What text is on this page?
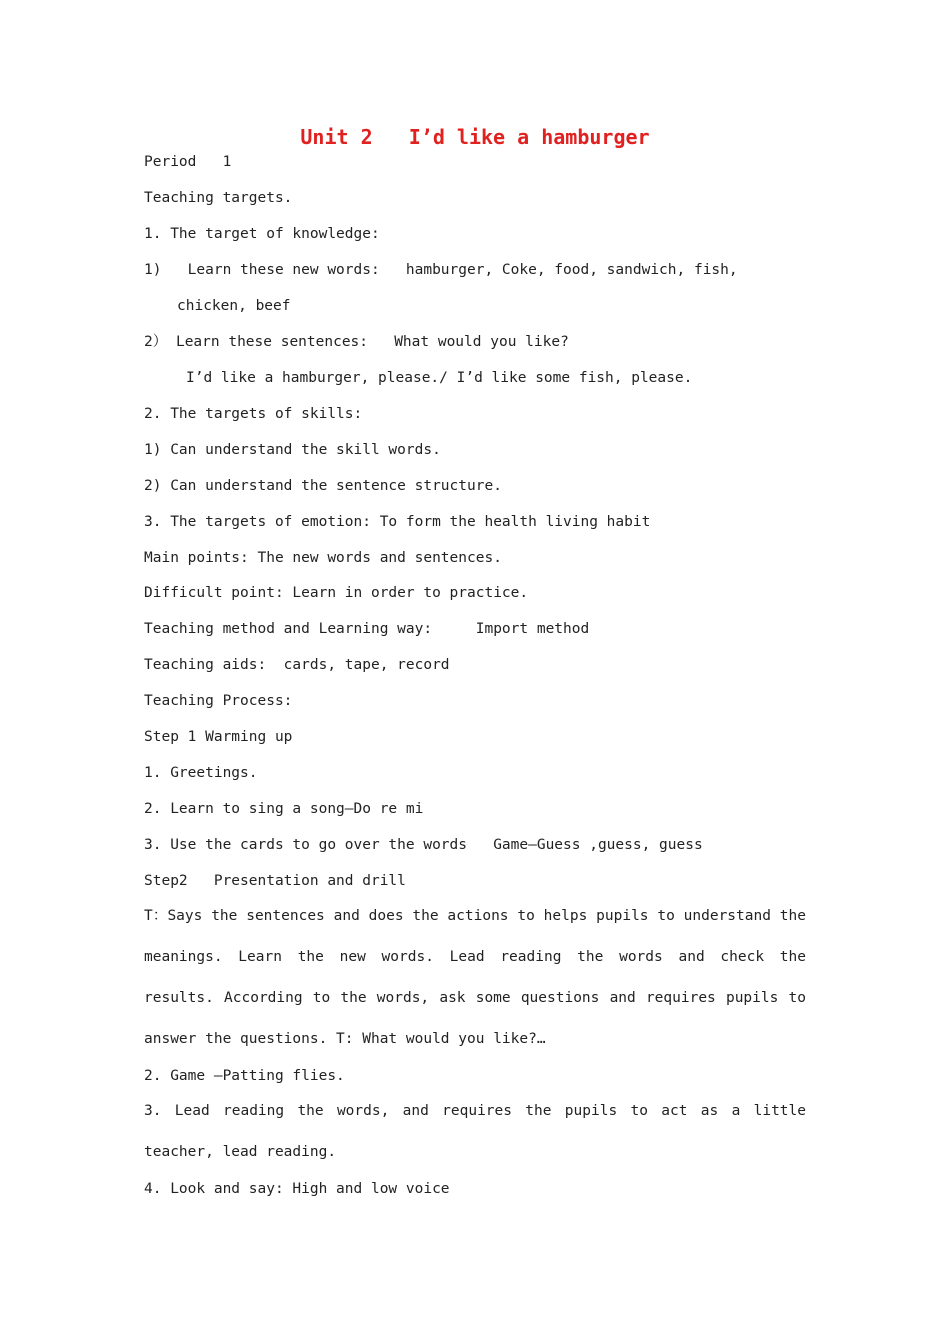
Unit 2   I’d like a hamburger
Period   1
Teaching targets.
1. The target of knowledge:
1)   Learn these new words:   hamburger, Coke, food, sandwich, fish,
chicken, beef
2） Learn these sentences:   What would you like?
I’d like a hamburger, please./ I’d like some fish, please.
2. The targets of skills:
1) Can understand the skill words.
2) Can understand the sentence structure.
3. The targets of emotion: To form the health living habit
Main points: The new words and sentences.
Difficult point: Learn in order to practice.
Teaching method and Learning way:     Import method
Teaching aids:  cards, tape, record
Teaching Process:
Step 1 Warming up
1. Greetings.
2. Learn to sing a song—Do re mi
3. Use the cards to go over the words   Game—Guess ,guess, guess
Step2   Presentation and drill
T：Says the sentences and does the actions to helps pupils to understand the meanings. Learn the new words. Lead reading the words and check the results. According to the words, ask some questions and requires pupils to answer the questions. T: What would you like?…
2. Game —Patting flies.
3. Lead reading the words, and requires the pupils to act as a little teacher, lead reading.
4. Look and say: High and low voice
